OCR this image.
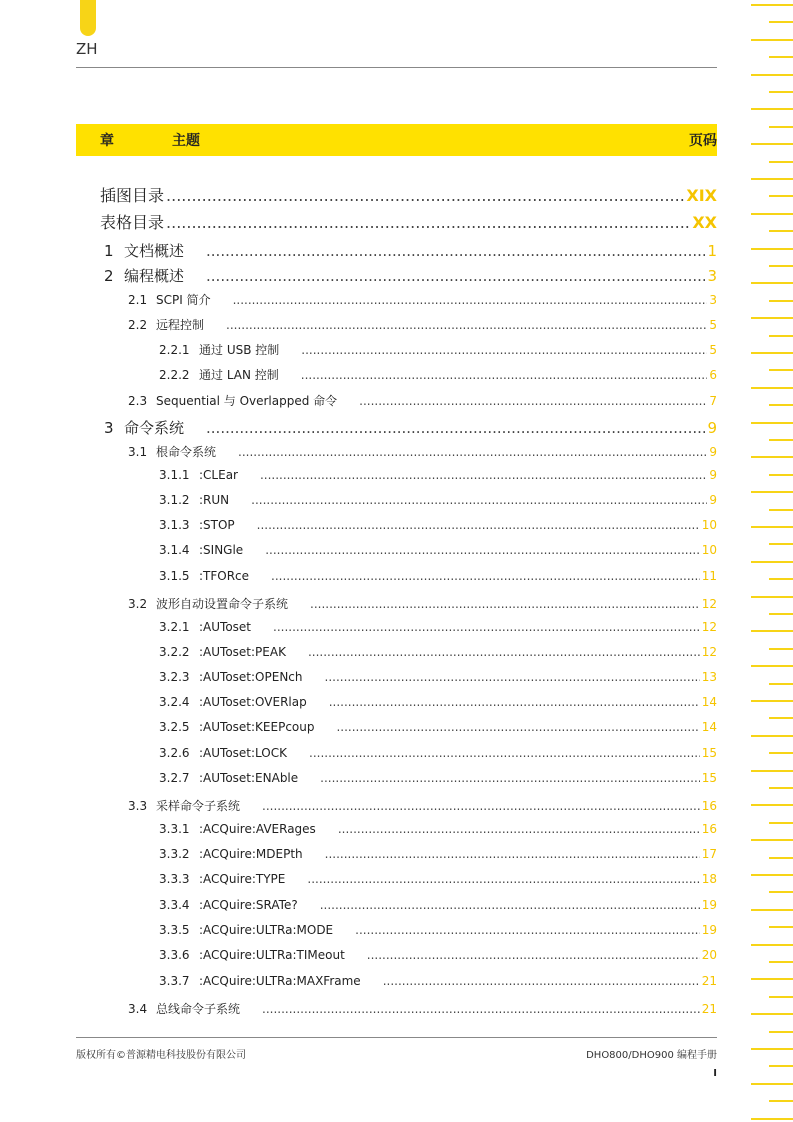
ZH
章	主题	页码
插图目录 .....	XIX
表格目录 .....	XX
1 文档概述 .....	1
2 编程概述 .....	3
2.1 SCPI 简介 .....	3
2.2 远程控制 .....	5
2.2.1 通过 USB 控制 .....	5
2.2.2 通过 LAN 控制 .....	6
2.3 Sequential 与 Overlapped 命令 .....	7
3 命令系统 .....	9
3.1 根命令系统 .....	9
3.1.1 :CLEar .....	9
3.1.2 :RUN .....	9
3.1.3 :STOP .....	10
3.1.4 :SINGle .....	10
3.1.5 :TFORce .....	11
3.2 波形自动设置命令子系统 .....	12
3.2.1 :AUToset .....	12
3.2.2 :AUToset:PEAK .....	12
3.2.3 :AUToset:OPENch .....	13
3.2.4 :AUToset:OVERlap .....	14
3.2.5 :AUToset:KEEPcoup .....	14
3.2.6 :AUToset:LOCK .....	15
3.2.7 :AUToset:ENAble .....	15
3.3 采样命令子系统 .....	16
3.3.1 :ACQuire:AVERages .....	16
3.3.2 :ACQuire:MDEPth .....	17
3.3.3 :ACQuire:TYPE .....	18
3.3.4 :ACQuire:SRATe? .....	19
3.3.5 :ACQuire:ULTRa:MODE .....	19
3.3.6 :ACQuire:ULTRa:TIMeout .....	20
3.3.7 :ACQuire:ULTRa:MAXFrame .....	21
3.4 总线命令子系统 .....	21
版权所有©普源精电科技股份有限公司	DHO800/DHO900 编程手册
I
